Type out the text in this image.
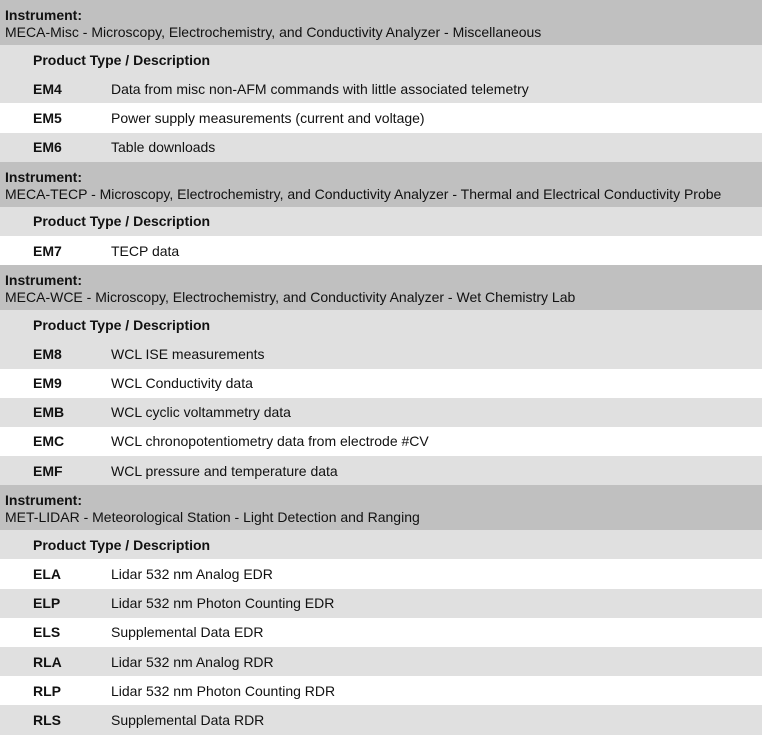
Instrument:
MECA-Misc - Microscopy, Electrochemistry, and Conductivity Analyzer - Miscellaneous
Product Type / Description
EM4	Data from misc non-AFM commands with little associated telemetry
EM5	Power supply measurements (current and voltage)
EM6	Table downloads
Instrument:
MECA-TECP - Microscopy, Electrochemistry, and Conductivity Analyzer - Thermal and Electrical Conductivity Probe
Product Type / Description
EM7	TECP data
Instrument:
MECA-WCE - Microscopy, Electrochemistry, and Conductivity Analyzer - Wet Chemistry Lab
Product Type / Description
EM8	WCL ISE measurements
EM9	WCL Conductivity data
EMB	WCL cyclic voltammetry data
EMC	WCL chronopotentiometry data from electrode #CV
EMF	WCL pressure and temperature data
Instrument:
MET-LIDAR - Meteorological Station - Light Detection and Ranging
Product Type / Description
ELA	Lidar 532 nm Analog EDR
ELP	Lidar 532 nm Photon Counting EDR
ELS	Supplemental Data EDR
RLA	Lidar 532 nm Analog RDR
RLP	Lidar 532 nm Photon Counting RDR
RLS	Supplemental Data RDR
